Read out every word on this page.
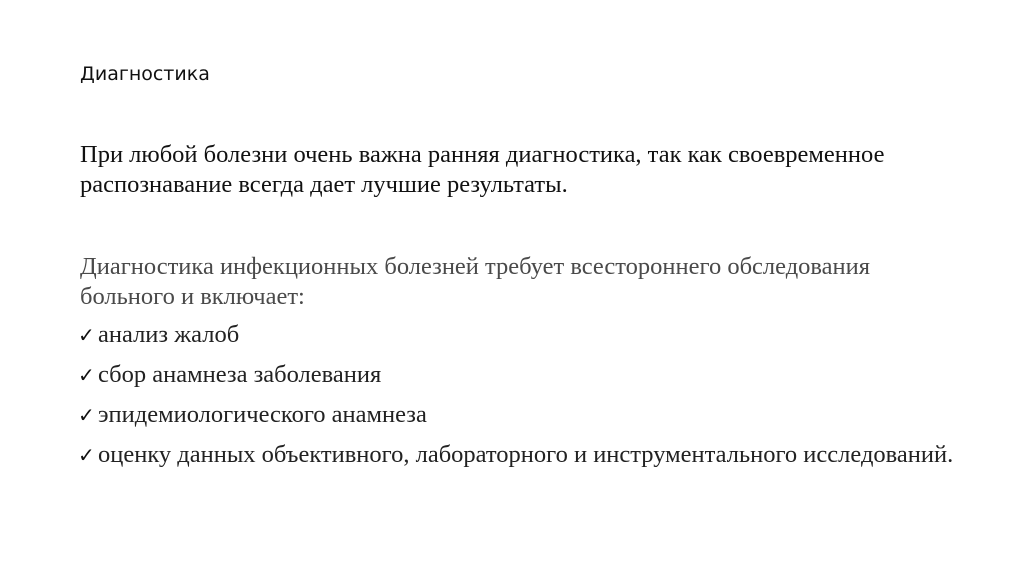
Диагностика
При любой болезни очень важна ранняя диагностика, так как своевременное распознавание всегда дает лучшие результаты.
Диагностика инфекционных болезней требует всестороннего обследования больного и включает:
✓ анализ жалоб
✓ сбор анамнеза заболевания
✓ эпидемиологического анамнеза
✓ оценку данных объективного, лабораторного и инструментального исследований.
